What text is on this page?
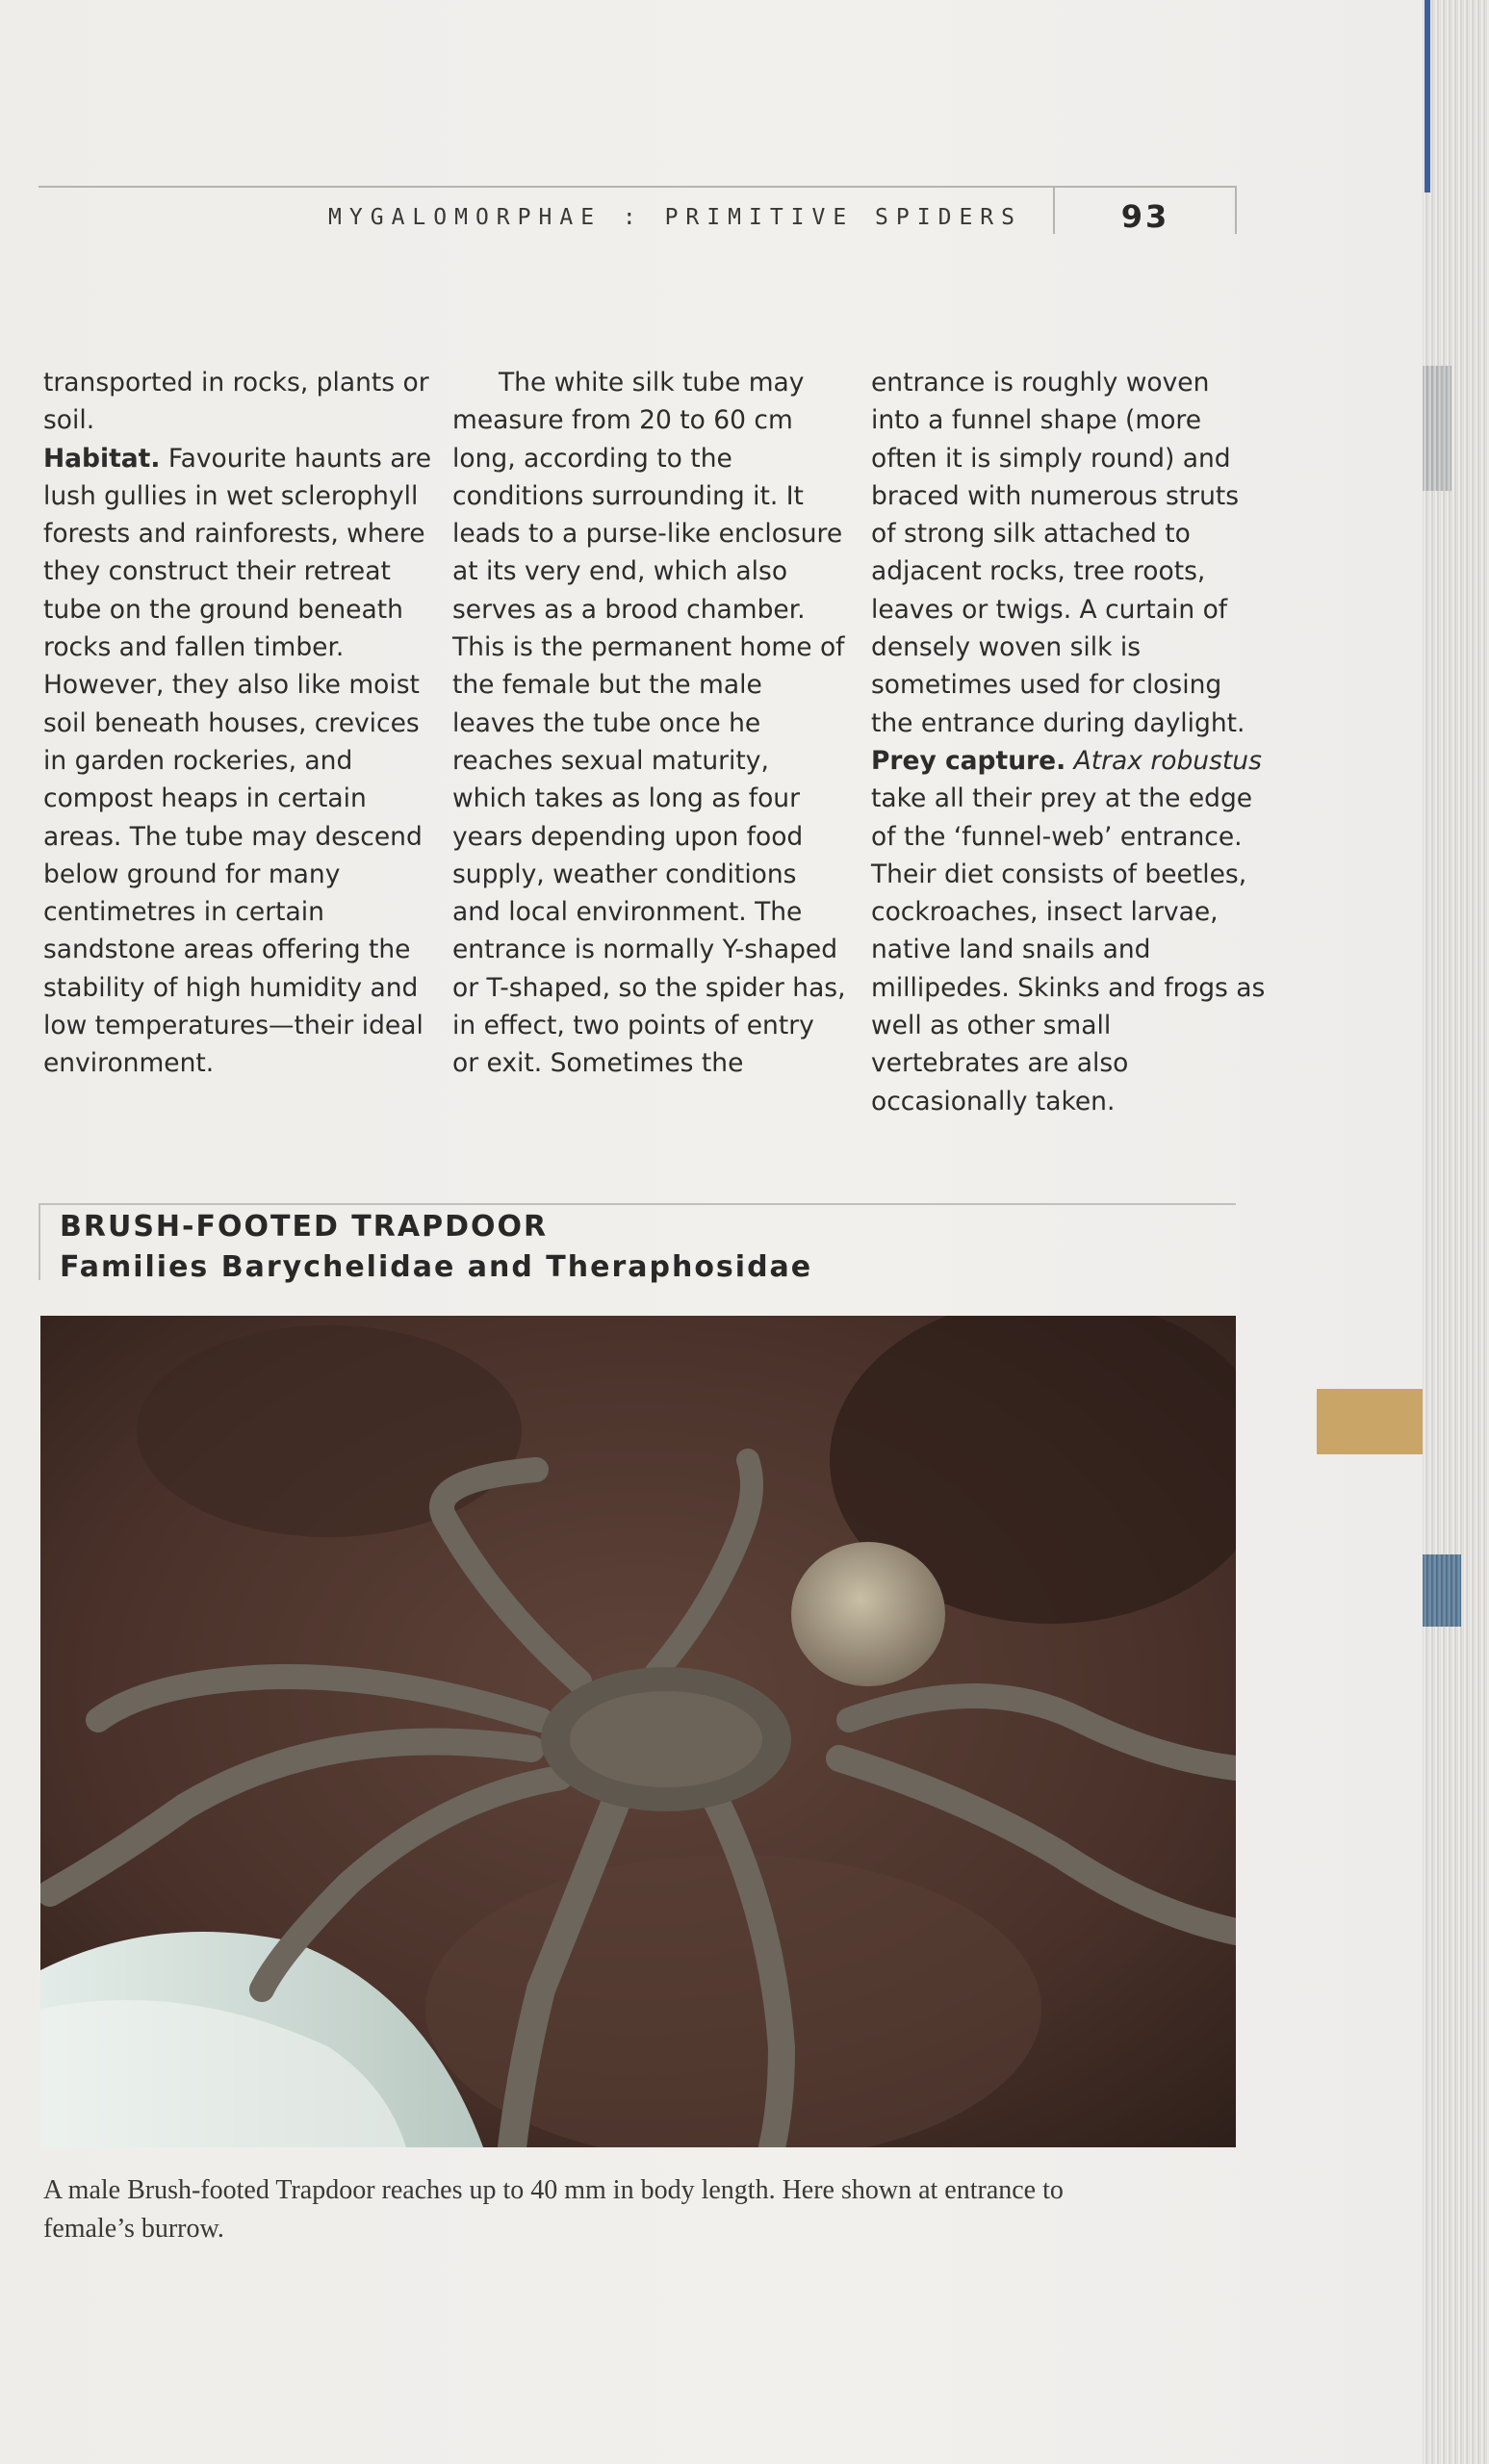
MYGALOMORPHAE : PRIMITIVE SPIDERS	93

transported in rocks, plants or soil.

Habitat. Favourite haunts are lush gullies in wet sclerophyll forests and rainforests, where they construct their retreat tube on the ground beneath rocks and fallen timber. However, they also like moist soil beneath houses, crevices in garden rockeries, and compost heaps in certain areas. The tube may descend below ground for many centimetres in certain sandstone areas offering the stability of high humidity and low temperatures—their ideal environment.

The white silk tube may measure from 20 to 60 cm long, according to the conditions surrounding it. It leads to a purse-like enclosure at its very end, which also serves as a brood chamber. This is the permanent home of the female but the male leaves the tube once he reaches sexual maturity, which takes as long as four years depending upon food supply, weather conditions and local environment. The entrance is normally Y-shaped or T-shaped, so the spider has, in effect, two points of entry or exit. Sometimes the

entrance is roughly woven into a funnel shape (more often it is simply round) and braced with numerous struts of strong silk attached to adjacent rocks, tree roots, leaves or twigs. A curtain of densely woven silk is sometimes used for closing the entrance during daylight.

Prey capture. Atrax robustus take all their prey at the edge of the ‘funnel-web’ entrance. Their diet consists of beetles, cockroaches, insect larvae, native land snails and millipedes. Skinks and frogs as well as other small vertebrates are also occasionally taken.

BRUSH-FOOTED TRAPDOOR
Families Barychelidae and Theraphosidae
A male Brush-footed Trapdoor reaches up to 40 mm in body length. Here shown at entrance to female’s burrow.
